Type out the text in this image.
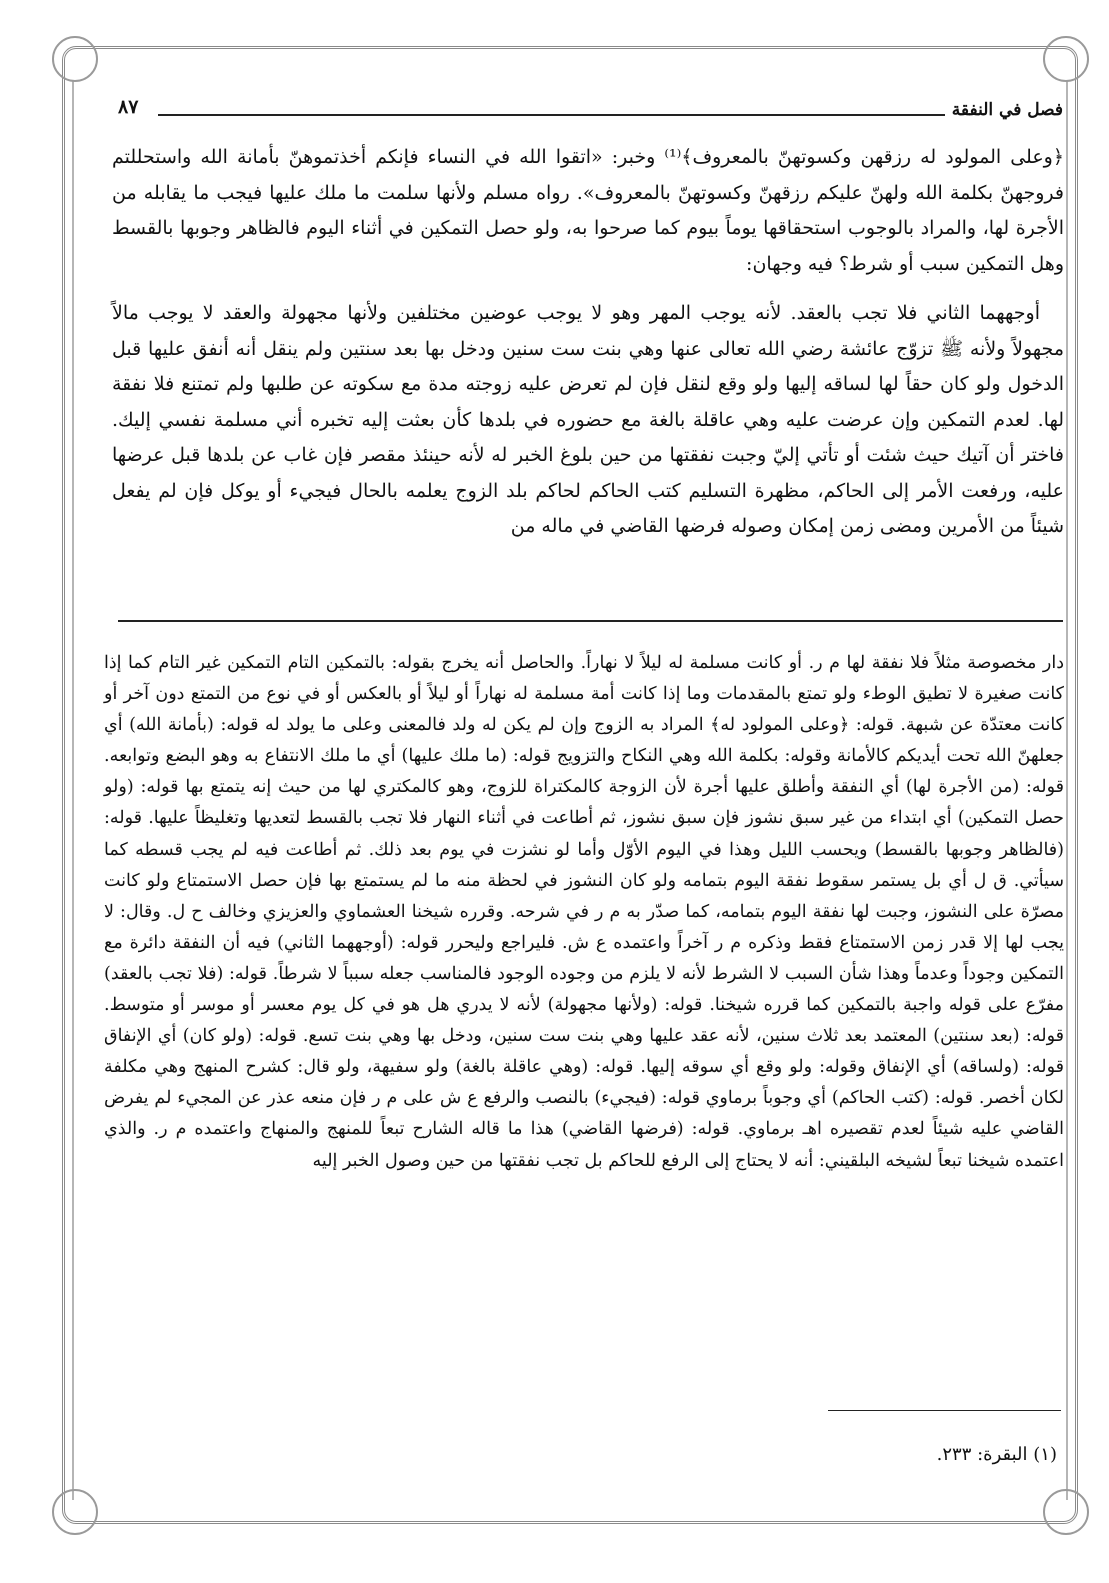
٨٧	فصل في النفقة

﴿وعلى المولود له رزقهن وكسوتهنّ بالمعروف﴾⁽¹⁾ وخبر: «اتقوا الله في النساء فإنكم أخذتموهنّ بأمانة الله واستحللتم فروجهنّ بكلمة الله ولهنّ عليكم رزقهنّ وكسوتهنّ بالمعروف». رواه مسلم ولأنها سلمت ما ملك عليها فيجب ما يقابله من الأجرة لها، والمراد بالوجوب استحقاقها يوماً بيوم كما صرحوا به، ولو حصل التمكين في أثناء اليوم فالظاهر وجوبها بالقسط وهل التمكين سبب أو شرط؟ فيه وجهان:

أوجههما الثاني فلا تجب بالعقد. لأنه يوجب المهر وهو لا يوجب عوضين مختلفين ولأنها مجهولة والعقد لا يوجب مالاً مجهولاً ولأنه ﷺ تزوّج عائشة رضي الله تعالى عنها وهي بنت ست سنين ودخل بها بعد سنتين ولم ينقل أنه أنفق عليها قبل الدخول ولو كان حقاً لها لساقه إليها ولو وقع لنقل فإن لم تعرض عليه زوجته مدة مع سكوته عن طلبها ولم تمتنع فلا نفقة لها. لعدم التمكين وإن عرضت عليه وهي عاقلة بالغة مع حضوره في بلدها كأن بعثت إليه تخبره أني مسلمة نفسي إليك. فاختر أن آتيك حيث شئت أو تأتي إليّ وجبت نفقتها من حين بلوغ الخبر له لأنه حينئذ مقصر فإن غاب عن بلدها قبل عرضها عليه، ورفعت الأمر إلى الحاكم، مظهرة التسليم كتب الحاكم لحاكم بلد الزوج يعلمه بالحال فيجيء أو يوكل فإن لم يفعل شيئاً من الأمرين ومضى زمن إمكان وصوله فرضها القاضي في ماله من

دار مخصوصة مثلاً فلا نفقة لها م ر. أو كانت مسلمة له ليلاً لا نهاراً. والحاصل أنه يخرج بقوله: بالتمكين التام التمكين غير التام كما إذا كانت صغيرة لا تطيق الوطء ولو تمتع بالمقدمات وما إذا كانت أمة مسلمة له نهاراً أو ليلاً أو بالعكس أو في نوع من التمتع دون آخر أو كانت معتدّة عن شبهة. قوله: ﴿وعلى المولود له﴾ المراد به الزوج وإن لم يكن له ولد فالمعنى وعلى ما يولد له قوله: (بأمانة الله) أي جعلهنّ الله تحت أيديكم كالأمانة وقوله: بكلمة الله وهي النكاح والتزويج قوله: (ما ملك عليها) أي ما ملك الانتفاع به وهو البضع وتوابعه. قوله: (من الأجرة لها) أي النفقة وأطلق عليها أجرة لأن الزوجة كالمكتراة للزوج، وهو كالمكتري لها من حيث إنه يتمتع بها قوله: (ولو حصل التمكين) أي ابتداء من غير سبق نشوز فإن سبق نشوز، ثم أطاعت في أثناء النهار فلا تجب بالقسط لتعديها وتغليظاً عليها. قوله: (فالظاهر وجوبها بالقسط) ويحسب الليل وهذا في اليوم الأوّل وأما لو نشزت في يوم بعد ذلك. ثم أطاعت فيه لم يجب قسطه كما سيأتي. ق ل أي بل يستمر سقوط نفقة اليوم بتمامه ولو كان النشوز في لحظة منه ما لم يستمتع بها فإن حصل الاستمتاع ولو كانت مصرّة على النشوز، وجبت لها نفقة اليوم بتمامه، كما صدّر به م ر في شرحه. وقرره شيخنا العشماوي والعزيزي وخالف ح ل. وقال: لا يجب لها إلا قدر زمن الاستمتاع فقط وذكره م ر آخراً واعتمده ع ش. فليراجع وليحرر قوله: (أوجههما الثاني) فيه أن النفقة دائرة مع التمكين وجوداً وعدماً وهذا شأن السبب لا الشرط لأنه لا يلزم من وجوده الوجود فالمناسب جعله سبباً لا شرطاً. قوله: (فلا تجب بالعقد) مفرّع على قوله واجبة بالتمكين كما قرره شيخنا. قوله: (ولأنها مجهولة) لأنه لا يدري هل هو في كل يوم معسر أو موسر أو متوسط. قوله: (بعد سنتين) المعتمد بعد ثلاث سنين، لأنه عقد عليها وهي بنت ست سنين، ودخل بها وهي بنت تسع. قوله: (ولو كان) أي الإنفاق قوله: (ولساقه) أي الإنفاق وقوله: ولو وقع أي سوقه إليها. قوله: (وهي عاقلة بالغة) ولو سفيهة، ولو قال: كشرح المنهج وهي مكلفة لكان أخصر. قوله: (كتب الحاكم) أي وجوباً برماوي قوله: (فيجيء) بالنصب والرفع ع ش على م ر فإن منعه عذر عن المجيء لم يفرض القاضي عليه شيئاً لعدم تقصيره اهـ برماوي. قوله: (فرضها القاضي) هذا ما قاله الشارح تبعاً للمنهج والمنهاج واعتمده م ر. والذي اعتمده شيخنا تبعاً لشيخه البلقيني: أنه لا يحتاج إلى الرفع للحاكم بل تجب نفقتها من حين وصول الخبر إليه

(١) البقرة: ٢٣٣.
